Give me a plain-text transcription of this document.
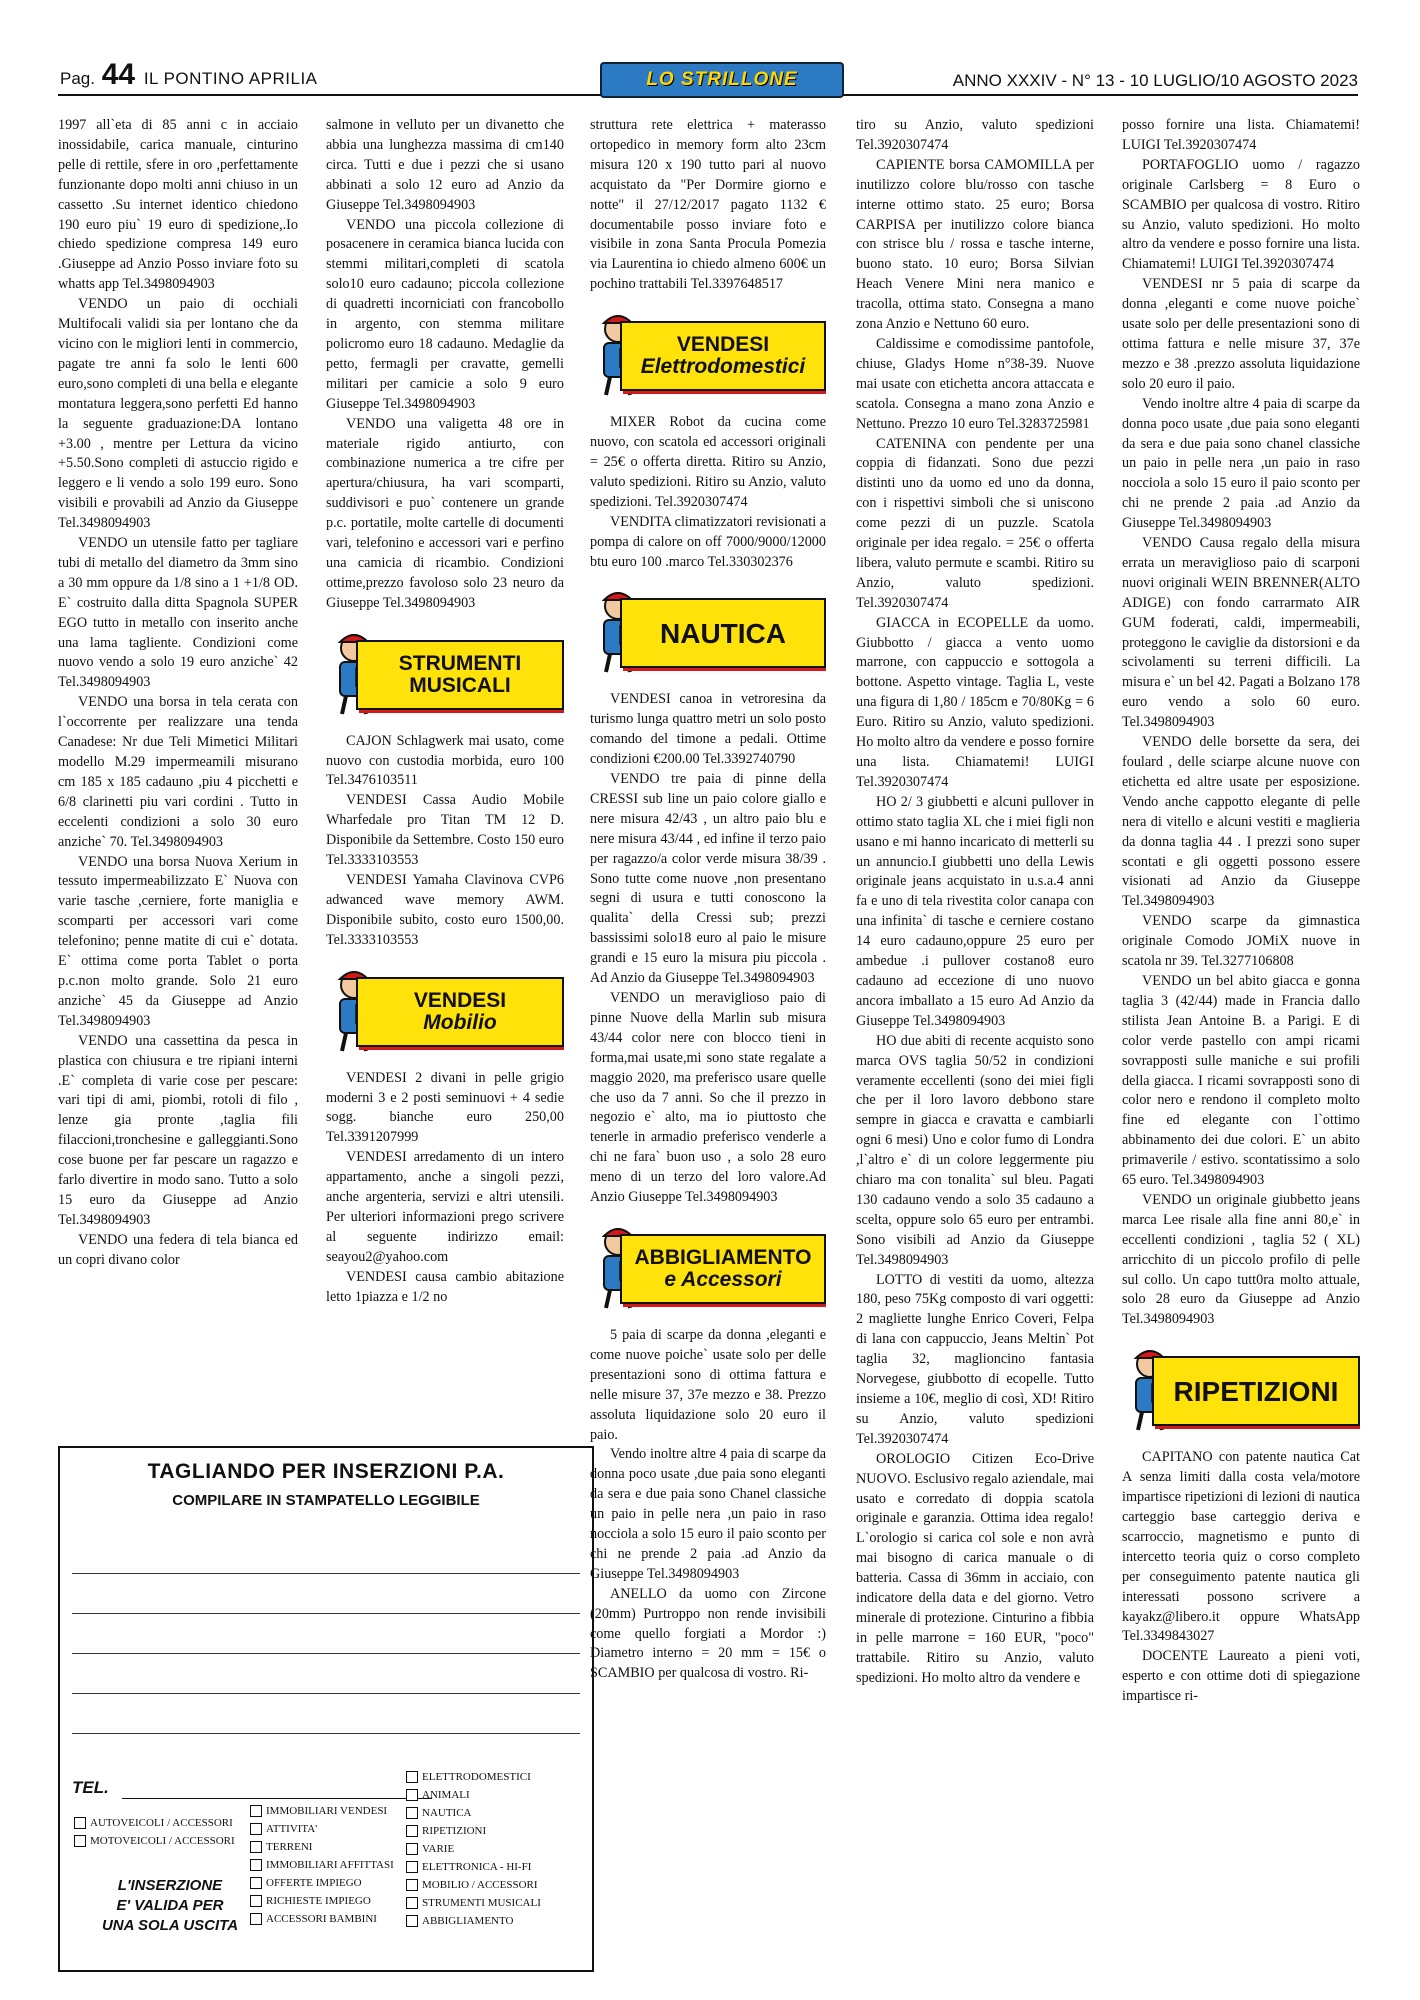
Pag. 44 IL PONTINO APRILIA	ANNO XXXIV - N° 13 - 10 LUGLIO/10 AGOSTO 2023
LO STRILLONE

1997 all`eta di 85 anni c in acciaio inossidabile, carica manuale, cinturino pelle di rettile, sfere in oro ,perfettamente funzionante dopo molti anni chiuso in un cassetto .Su internet identico chiedono 190 euro piu` 19 euro di spedizione,.Io chiedo spedizione compresa 149 euro .Giuseppe ad Anzio Posso inviare foto su whatts app Tel.3498094903

VENDO un paio di occhiali Multifocali validi sia per lontano che da vicino con le migliori lenti in commercio, pagate tre anni fa solo le lenti 600 euro,sono completi di una bella e elegante montatura leggera,sono perfetti Ed hanno la seguente graduazione:DA lontano +3.00 , mentre per Lettura da vicino +5.50.Sono completi di astuccio rigido e leggero e li vendo a solo 199 euro. Sono visibili e provabili ad Anzio da Giuseppe Tel.3498094903

VENDO un utensile fatto per tagliare tubi di metallo del diametro da 3mm sino a 30 mm oppure da 1/8 sino a 1 +1/8 OD. E` costruito dalla ditta Spagnola SUPER EGO tutto in metallo con inserito anche una lama tagliente. Condizioni come nuovo vendo a solo 19 euro anziche` 42 Tel.3498094903

VENDO una borsa in tela cerata con l`occorrente per realizzare una tenda Canadese: Nr due Teli Mimetici Militari modello M.29 impermeamili misurano cm 185 x 185 cadauno ,piu 4 picchetti e 6/8 clarinetti piu vari cordini . Tutto in eccelenti condizioni a solo 30 euro anziche` 70. Tel.3498094903

VENDO una borsa Nuova Xerium in tessuto impermeabilizzato E` Nuova con varie tasche ,cerniere, forte maniglia e scomparti per accessori vari come telefonino; penne matite di cui e` dotata. E` ottima come porta Tablet o porta p.c.non molto grande. Solo 21 euro anziche` 45 da Giuseppe ad Anzio Tel.3498094903

VENDO una cassettina da pesca in plastica con chiusura e tre ripiani interni .E` completa di varie cose per pescare: vari tipi di ami, piombi, rotoli di filo , lenze gia pronte ,taglia fili filaccioni,tronchesine e galleggianti.Sono cose buone per far pescare un ragazzo e farlo divertire in modo sano. Tutto a solo 15 euro da Giuseppe ad Anzio Tel.3498094903

VENDO una federa di tela bianca ed un copri divano color

salmone in velluto per un divanetto che abbia una lunghezza massima di cm140 circa. Tutti e due i pezzi che si usano abbinati a solo 12 euro ad Anzio da Giuseppe Tel.3498094903

VENDO una piccola collezione di posacenere in ceramica bianca lucida con stemmi militari,completi di scatola solo10 euro cadauno; piccola collezione di quadretti incorniciati con francobollo in argento, con stemma militare policromo euro 18 cadauno. Medaglie da petto, fermagli per cravatte, gemelli militari per camicie a solo 9 euro Giuseppe Tel.3498094903

VENDO una valigetta 48 ore in materiale rigido antiurto, con combinazione numerica a tre cifre per apertura/chiusura, ha vari scomparti, suddivisori e puo` contenere un grande p.c. portatile, molte cartelle di documenti vari, telefonino e accessori vari e perfino una camicia di ricambio. Condizioni ottime,prezzo favoloso solo 23 neuro da Giuseppe Tel.3498094903

STRUMENTI
MUSICALI

CAJON Schlagwerk mai usato, come nuovo con custodia morbida, euro 100 Tel.3476103511

VENDESI Cassa Audio Mobile Wharfedale pro Titan TM 12 D. Disponibile da Settembre. Costo 150 euro Tel.3333103553

VENDESI Yamaha Clavinova CVP6 adwanced wave memory AWM. Disponibile subito, costo euro 1500,00. Tel.3333103553

VENDESI
Mobilio

VENDESI 2 divani in pelle grigio moderni 3 e 2 posti seminuovi + 4 sedie sogg. bianche euro 250,00 Tel.3391207999

VENDESI arredamento di un intero appartamento, anche a singoli pezzi, anche argenteria, servizi e altri utensili. Per ulteriori informazioni prego scrivere al seguente indirizzo email: seayou2@yahoo.com

VENDESI causa cambio abitazione letto 1piazza e 1/2 no

struttura rete elettrica + materasso ortopedico in memory form alto 23cm misura 120 x 190 tutto pari al nuovo acquistato da "Per Dormire giorno e notte" il 27/12/2017 pagato 1132 € documentabile posso inviare foto e visibile in zona Santa Procula Pomezia via Laurentina io chiedo almeno 600€ un pochino trattabili Tel.3397648517

VENDESI
Elettrodomestici

MIXER Robot da cucina come nuovo, con scatola ed accessori originali = 25€ o offerta diretta. Ritiro su Anzio, valuto spedizioni. Ritiro su Anzio, valuto spedizioni. Tel.3920307474

VENDITA climatizzatori revisionati a pompa di calore on off 7000/9000/12000 btu euro 100 .marco Tel.330302376

NAUTICA

VENDESI canoa in vetroresina da turismo lunga quattro metri un solo posto comando del timone a pedali. Ottime condizioni €200.00 Tel.3392740790

VENDO tre paia di pinne della CRESSI sub line un paio colore giallo e nere misura 42/43 , un altro paio blu e nere misura 43/44 , ed infine il terzo paio per ragazzo/a color verde misura 38/39 . Sono tutte come nuove ,non presentano segni di usura e tutti conoscono la qualita` della Cressi sub; prezzi bassissimi solo18 euro al paio le misure grandi e 15 euro la misura piu piccola . Ad Anzio da Giuseppe Tel.3498094903

VENDO un meraviglioso paio di pinne Nuove della Marlin sub misura 43/44 color nere con blocco tieni in forma,mai usate,mi sono state regalate a maggio 2020, ma preferisco usare quelle che uso da 7 anni. So che il prezzo in negozio e` alto, ma io piuttosto che tenerle in armadio preferisco venderle a chi ne fara` buon uso , a solo 28 euro meno di un terzo del loro valore.Ad Anzio Giuseppe Tel.3498094903

ABBIGLIAMENTO
e Accessori

5 paia di scarpe da donna ,eleganti e come nuove poiche` usate solo per delle presentazioni sono di ottima fattura e nelle misure 37, 37e mezzo e 38. Prezzo assoluta liquidazione solo 20 euro il paio.

Vendo inoltre altre 4 paia di scarpe da donna poco usate ,due paia sono eleganti da sera e due paia sono Chanel classiche un paio in pelle nera ,un paio in raso nocciola a solo 15 euro il paio sconto per chi ne prende 2 paia .ad Anzio da Giuseppe Tel.3498094903

ANELLO da uomo con Zircone (20mm) Purtroppo non rende invisibili come quello forgiati a Mordor :) Diametro interno = 20 mm = 15€ o SCAMBIO per qualcosa di vostro. Ri-

tiro su Anzio, valuto spedizioni Tel.3920307474

CAPIENTE borsa CAMOMILLA per inutilizzo colore blu/rosso con tasche interne ottimo stato. 25 euro; Borsa CARPISA per inutilizzo colore bianca con strisce blu / rossa e tasche interne, buono stato. 10 euro; Borsa Silvian Heach Venere Mini nera manico e tracolla, ottima stato. Consegna a mano zona Anzio e Nettuno 60 euro.

Caldissime e comodissime pantofole, chiuse, Gladys Home n°38-39. Nuove mai usate con etichetta ancora attaccata e scatola. Consegna a mano zona Anzio e Nettuno. Prezzo 10 euro Tel.3283725981

CATENINA con pendente per una coppia di fidanzati. Sono due pezzi distinti uno da uomo ed uno da donna, con i rispettivi simboli che si uniscono come pezzi di un puzzle. Scatola originale per idea regalo. = 25€ o offerta libera, valuto permute e scambi. Ritiro su Anzio, valuto spedizioni. Tel.3920307474

GIACCA in ECOPELLE da uomo. Giubbotto / giacca a vento uomo marrone, con cappuccio e sottogola a bottone. Aspetto vintage. Taglia L, veste una figura di 1,80 / 185cm e 70/80Kg = 6 Euro. Ritiro su Anzio, valuto spedizioni. Ho molto altro da vendere e posso fornire una lista. Chiamatemi! LUIGI Tel.3920307474

HO 2/ 3 giubbetti e alcuni pullover in ottimo stato taglia XL che i miei figli non usano e mi hanno incaricato di metterli su un annuncio.I giubbetti uno della Lewis originale jeans acquistato in u.s.a.4 anni fa e uno di tela rivestita color canapa con una infinita` di tasche e cerniere costano 14 euro cadauno,oppure 25 euro per ambedue .i pullover costano8 euro cadauno ad eccezione di uno nuovo ancora imballato a 15 euro Ad Anzio da Giuseppe Tel.3498094903

HO due abiti di recente acquisto sono marca OVS taglia 50/52 in condizioni veramente eccellenti (sono dei miei figli che per il loro lavoro debbono stare sempre in giacca e cravatta e cambiarli ogni 6 mesi) Uno e color fumo di Londra ,l`altro e` di un colore leggermente piu chiaro ma con tonalita` sul bleu. Pagati 130 cadauno vendo a solo 35 cadauno a scelta, oppure solo 65 euro per entrambi. Sono visibili ad Anzio da Giuseppe Tel.3498094903

LOTTO di vestiti da uomo, altezza 180, peso 75Kg composto di vari oggetti: 2 magliette lunghe Enrico Coveri, Felpa di lana con cappuccio, Jeans Meltin` Pot taglia 32, maglioncino fantasia Norvegese, giubbotto di ecopelle. Tutto insieme a 10€, meglio di così, XD! Ritiro su Anzio, valuto spedizioni Tel.3920307474

OROLOGIO Citizen Eco-Drive NUOVO. Esclusivo regalo aziendale, mai usato e corredato di doppia scatola originale e garanzia. Ottima idea regalo! L`orologio si carica col sole e non avrà mai bisogno di carica manuale o di batteria. Cassa di 36mm in acciaio, con indicatore della data e del giorno. Vetro minerale di protezione. Cinturino a fibbia in pelle marrone = 160 EUR, "poco" trattabile. Ritiro su Anzio, valuto spedizioni. Ho molto altro da vendere e

posso fornire una lista. Chiamatemi! LUIGI Tel.3920307474

PORTAFOGLIO uomo / ragazzo originale Carlsberg = 8 Euro o SCAMBIO per qualcosa di vostro. Ritiro su Anzio, valuto spedizioni. Ho molto altro da vendere e posso fornire una lista. Chiamatemi! LUIGI Tel.3920307474

VENDESI nr 5 paia di scarpe da donna ,eleganti e come nuove poiche` usate solo per delle presentazioni sono di ottima fattura e nelle misure 37, 37e mezzo e 38 .prezzo assoluta liquidazione solo 20 euro il paio.

Vendo inoltre altre 4 paia di scarpe da donna poco usate ,due paia sono eleganti da sera e due paia sono chanel classiche un paio in pelle nera ,un paio in raso nocciola a solo 15 euro il paio sconto per chi ne prende 2 paia .ad Anzio da Giuseppe Tel.3498094903

VENDO Causa regalo della misura errata un meraviglioso paio di scarponi nuovi originali WEIN BRENNER(ALTO ADIGE) con fondo carrarmato AIR GUM foderati, caldi, impermeabili, proteggono le caviglie da distorsioni e da scivolamenti su terreni difficili. La misura e` un bel 42. Pagati a Bolzano 178 euro vendo a solo 60 euro. Tel.3498094903

VENDO delle borsette da sera, dei foulard , delle sciarpe alcune nuove con etichetta ed altre usate per esposizione. Vendo anche cappotto elegante di pelle nera di vitello e alcuni vestiti e maglieria da donna taglia 44 . I prezzi sono super scontati e gli oggetti possono essere visionati ad Anzio da Giuseppe Tel.3498094903

VENDO scarpe da gimnastica originale Comodo JOMiX nuove in scatola nr 39. Tel.3277106808

VENDO un bel abito giacca e gonna taglia 3 (42/44) made in Francia dallo stilista Jean Antoine B. a Parigi. E di color verde pastello con ampi ricami sovrapposti sulle maniche e sui profili della giacca. I ricami sovrapposti sono di color nero e rendono il completo molto fine ed elegante con l`ottimo abbinamento dei due colori. E` un abito primaverile / estivo. scontatissimo a solo 65 euro. Tel.3498094903

VENDO un originale giubbetto jeans marca Lee risale alla fine anni 80,e` in eccellenti condizioni , taglia 52 ( XL) arricchito di un piccolo profilo di pelle sul collo. Un capo tutt0ra molto attuale, solo 28 euro da Giuseppe ad Anzio Tel.3498094903

RIPETIZIONI

CAPITANO con patente nautica Cat A senza limiti dalla costa vela/motore impartisce ripetizioni di lezioni di nautica carteggio base carteggio deriva e scarroccio, magnetismo e punto di intercetto teoria quiz o corso completo per conseguimento patente nautica gli interessati possono scrivere a kayakz@libero.it oppure WhatsApp Tel.3349843027

DOCENTE Laureato a pieni voti, esperto e con ottime doti di spiegazione impartisce ri-

TAGLIANDO PER INSERZIONI P.A.
COMPILARE IN STAMPATELLO LEGGIBILE
TEL.
AUTOVEICOLI / ACCESSORI
MOTOVEICOLI / ACCESSORI
IMMOBILIARI VENDESI
ATTIVITA'
TERRENI
IMMOBILIARI AFFITTASI
OFFERTE IMPIEGO
RICHIESTE IMPIEGO
ACCESSORI BAMBINI
ELETTRODOMESTICI
ANIMALI
NAUTICA
RIPETIZIONI
VARIE
ELETTRONICA - HI-FI
MOBILIO / ACCESSORI
STRUMENTI MUSICALI
ABBIGLIAMENTO
L'INSERZIONE
E' VALIDA PER
UNA SOLA USCITA
